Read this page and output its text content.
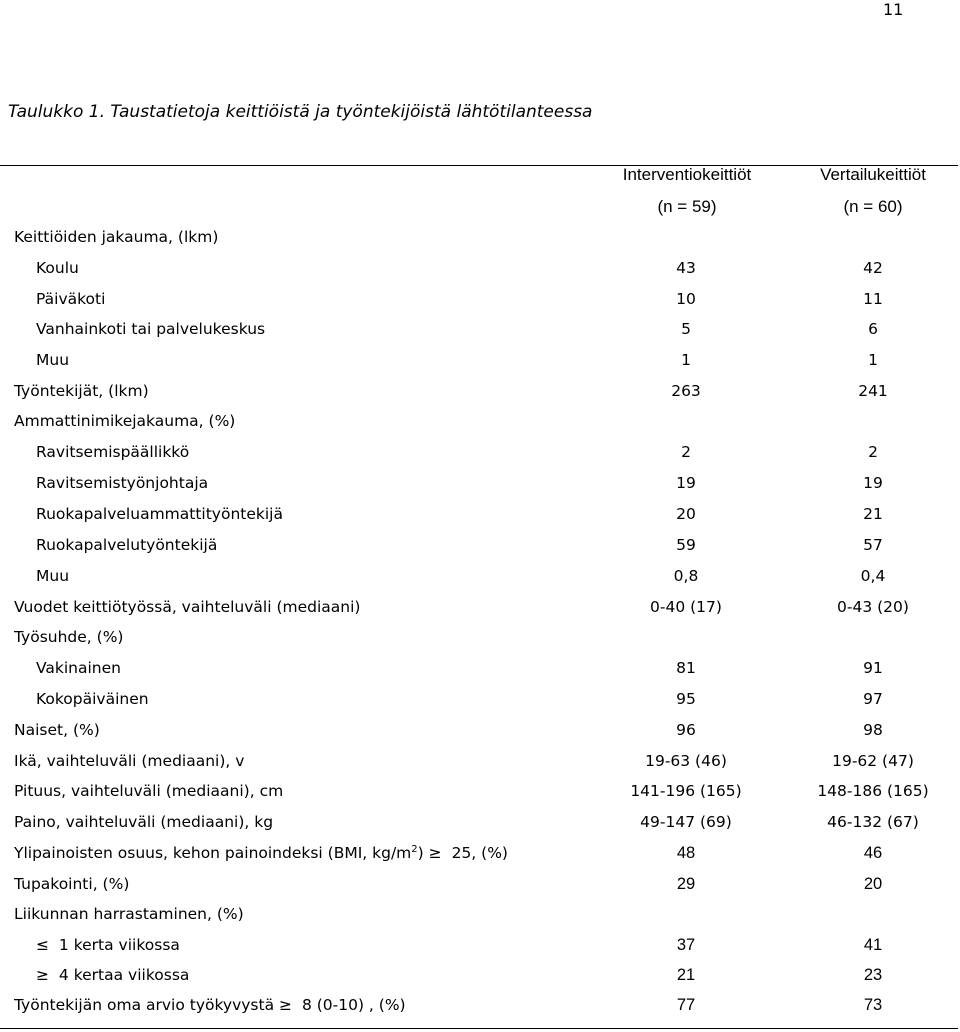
11
Taulukko 1. Taustatietoja keittiöistä ja työntekijöistä lähtötilanteessa
Interventiokeittiöt	Vertailukeittiöt
(n = 59)	(n = 60)
Keittiöiden jakauma, (lkm)
Koulu	43	42
Päiväkoti	10	11
Vanhainkoti tai palvelukeskus	5	6
Muu	1	1
Työntekijät, (lkm)	263	241
Ammattinimikejakauma, (%)
Ravitsemispäällikkö	2	2
Ravitsemistyönjohtaja	19	19
Ruokapalveluammattityöntekijä	20	21
Ruokapalvelutyöntekijä	59	57
Muu	0,8	0,4
Vuodet keittiötyössä, vaihteluväli (mediaani)	0-40 (17)	0-43 (20)
Työsuhde, (%)
Vakinainen	81	91
Kokopäiväinen	95	97
Naiset, (%)	96	98
Ikä, vaihteluväli (mediaani), v	19-63 (46)	19-62 (47)
Pituus, vaihteluväli (mediaani), cm	141-196 (165)	148-186 (165)
Paino, vaihteluväli (mediaani), kg	49-147 (69)	46-132 (67)
Ylipainoisten osuus, kehon painoindeksi (BMI, $kg/m^2) \ge 25$, (%)	48	46
Tupakointi, (%)	29	20
Liikunnan harrastaminen, (%)
≤ 1 kerta viikossa	37	41
≥ 4 kertaa viikossa	21	23
Työntekijän oma arvio työkyvystä ≥ 8 (0-10) , (%)	77	73
